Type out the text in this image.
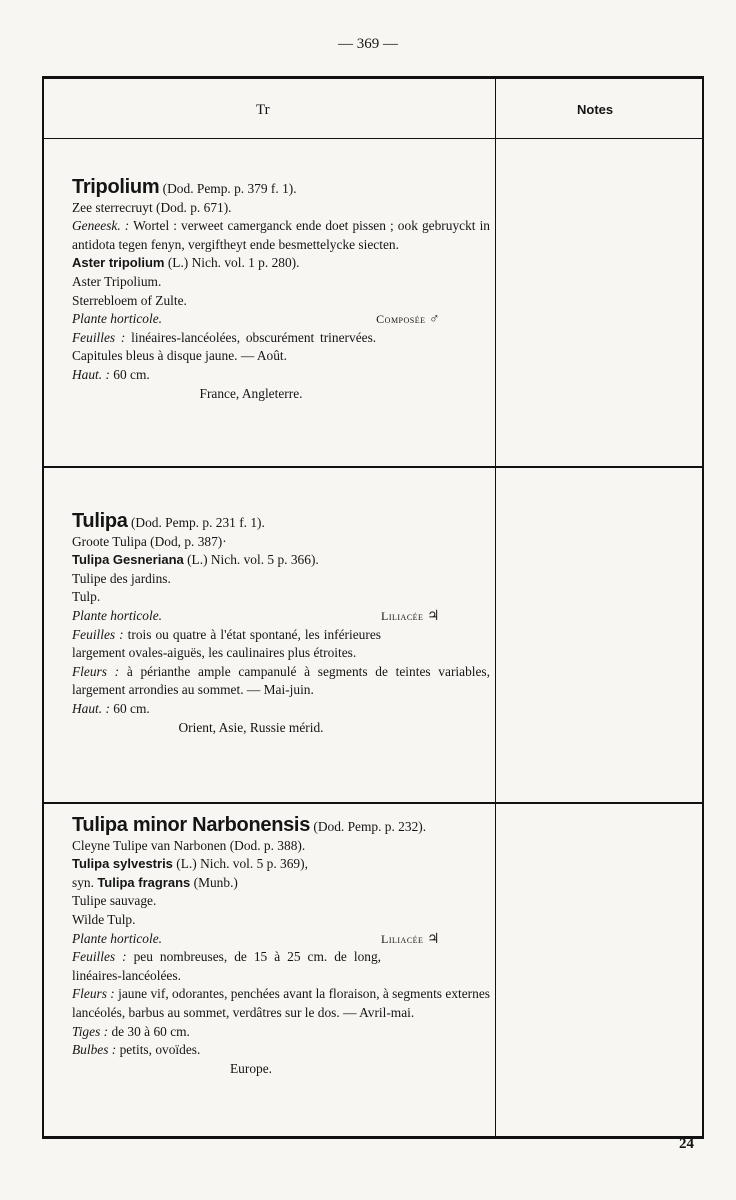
— 369 —
Tr	Notes
Tripolium (Dod. Pemp. p. 379 f. 1).
Zee sterrecruyt (Dod. p. 671).
Geneesk. : Wortel : verweet camerganck ende doet pissen ; ook gebruyckt in antidota tegen fenyn, vergiftheyt ende besmettelycke siecten.
Aster tripolium (L.) Nich. vol. 1 p. 280).
Aster Tripolium.
Sterrebloem of Zulte.
Plante horticole.	Composée ♂
Feuilles : linéaires-lancéolées, obscurément trinervées. Capitules bleus à disque jaune. — Août.
Haut. : 60 cm.
France, Angleterre.
Tulipa (Dod. Pemp. p. 231 f. 1).
Groote Tulipa (Dod, p. 387)·
Tulipa Gesneriana (L.) Nich. vol. 5 p. 366).
Tulipe des jardins.
Tulp.
Plante horticole.	Liliacée ♃
Feuilles : trois ou quatre à l'état spontané, les inférieures largement ovales-aiguës, les caulinaires plus étroites.
Fleurs : à périanthe ample campanulé à segments de teintes variables, largement arrondies au sommet. — Mai-juin.
Haut. : 60 cm.
Orient, Asie, Russie mérid.
Tulipa minor Narbonensis (Dod. Pemp. p. 232).
Cleyne Tulipe van Narbonen (Dod. p. 388).
Tulipa sylvestris (L.) Nich. vol. 5 p. 369),
syn. Tulipa fragrans (Munb.)
Tulipe sauvage.
Wilde Tulp.
Plante horticole.	Liliacée ♃
Feuilles : peu nombreuses, de 15 à 25 cm. de long, linéaires-lancéolées.
Fleurs : jaune vif, odorantes, penchées avant la floraison, à segments externes lancéolés, barbus au sommet, verdâtres sur le dos. — Avril-mai.
Tiges : de 30 à 60 cm.
Bulbes : petits, ovoïdes.
Europe.
24
